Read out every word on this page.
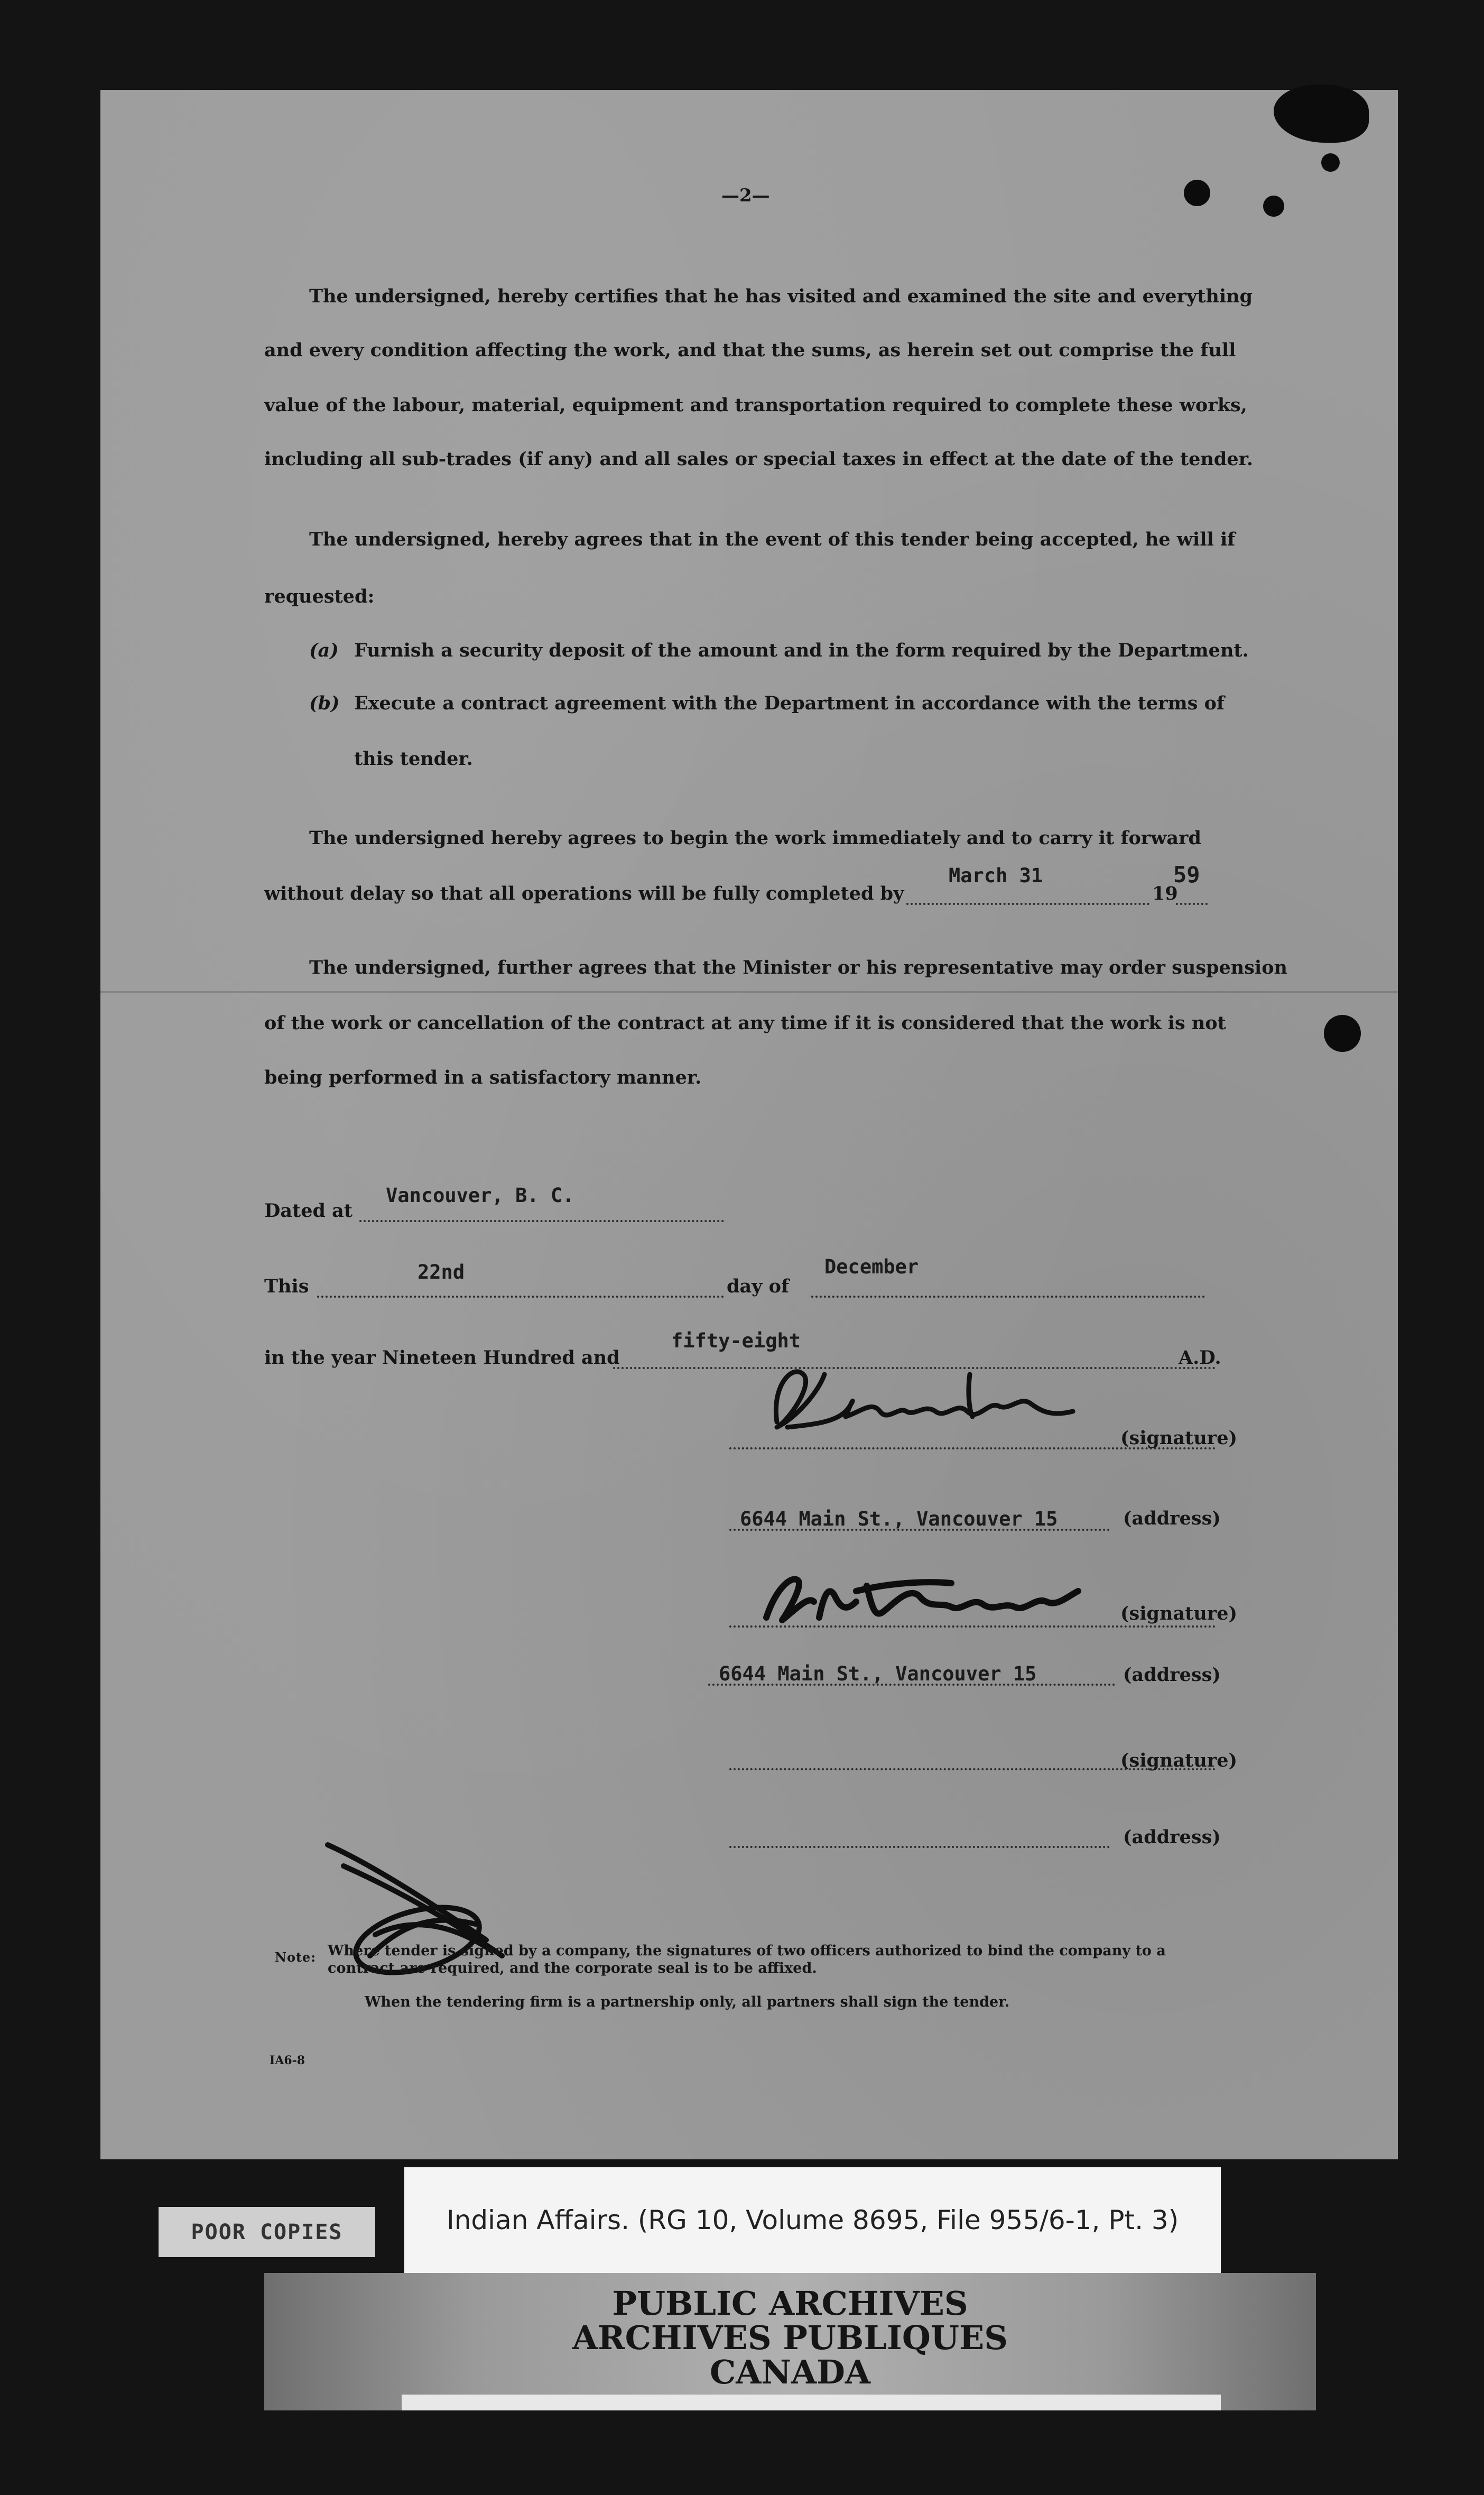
—2—
The undersigned, hereby certifies that he has visited and examined the site and everything
and every condition affecting the work, and that the sums, as herein set out comprise the full
value of the labour, material, equipment and transportation required to complete these works,
including all sub-trades (if any) and all sales or special taxes in effect at the date of the tender.
The undersigned, hereby agrees that in the event of this tender being accepted, he will if
requested:
(a) Furnish a security deposit of the amount and in the form required by the Department.
(b) Execute a contract agreement with the Department in accordance with the terms of
this tender.
The undersigned hereby agrees to begin the work immediately and to carry it forward
without delay so that all operations will be fully completed by
March 31
19
59
The undersigned, further agrees that the Minister or his representative may order suspension
of the work or cancellation of the contract at any time if it is considered that the work is not
being performed in a satisfactory manner.
Dated at
Vancouver, B. C.
This
22nd
day of
December
in the year Nineteen Hundred and
fifty-eight
A.D.
(signature)
6644 Main St., Vancouver 15	(address)
(signature)
6644 Main St., Vancouver 15	(address)
(signature)
(address)
Note: Where tender is signed by a company, the signatures of two officers authorized to bind the company to a
contract are required, and the corporate seal is to be affixed.
When the tendering firm is a partnership only, all partners shall sign the tender.
IA6-8
POOR COPIES	Indian Affairs. (RG 10, Volume 8695, File 955/6-1, Pt. 3)
PUBLIC ARCHIVES
ARCHIVES PUBLIQUES
CANADA
